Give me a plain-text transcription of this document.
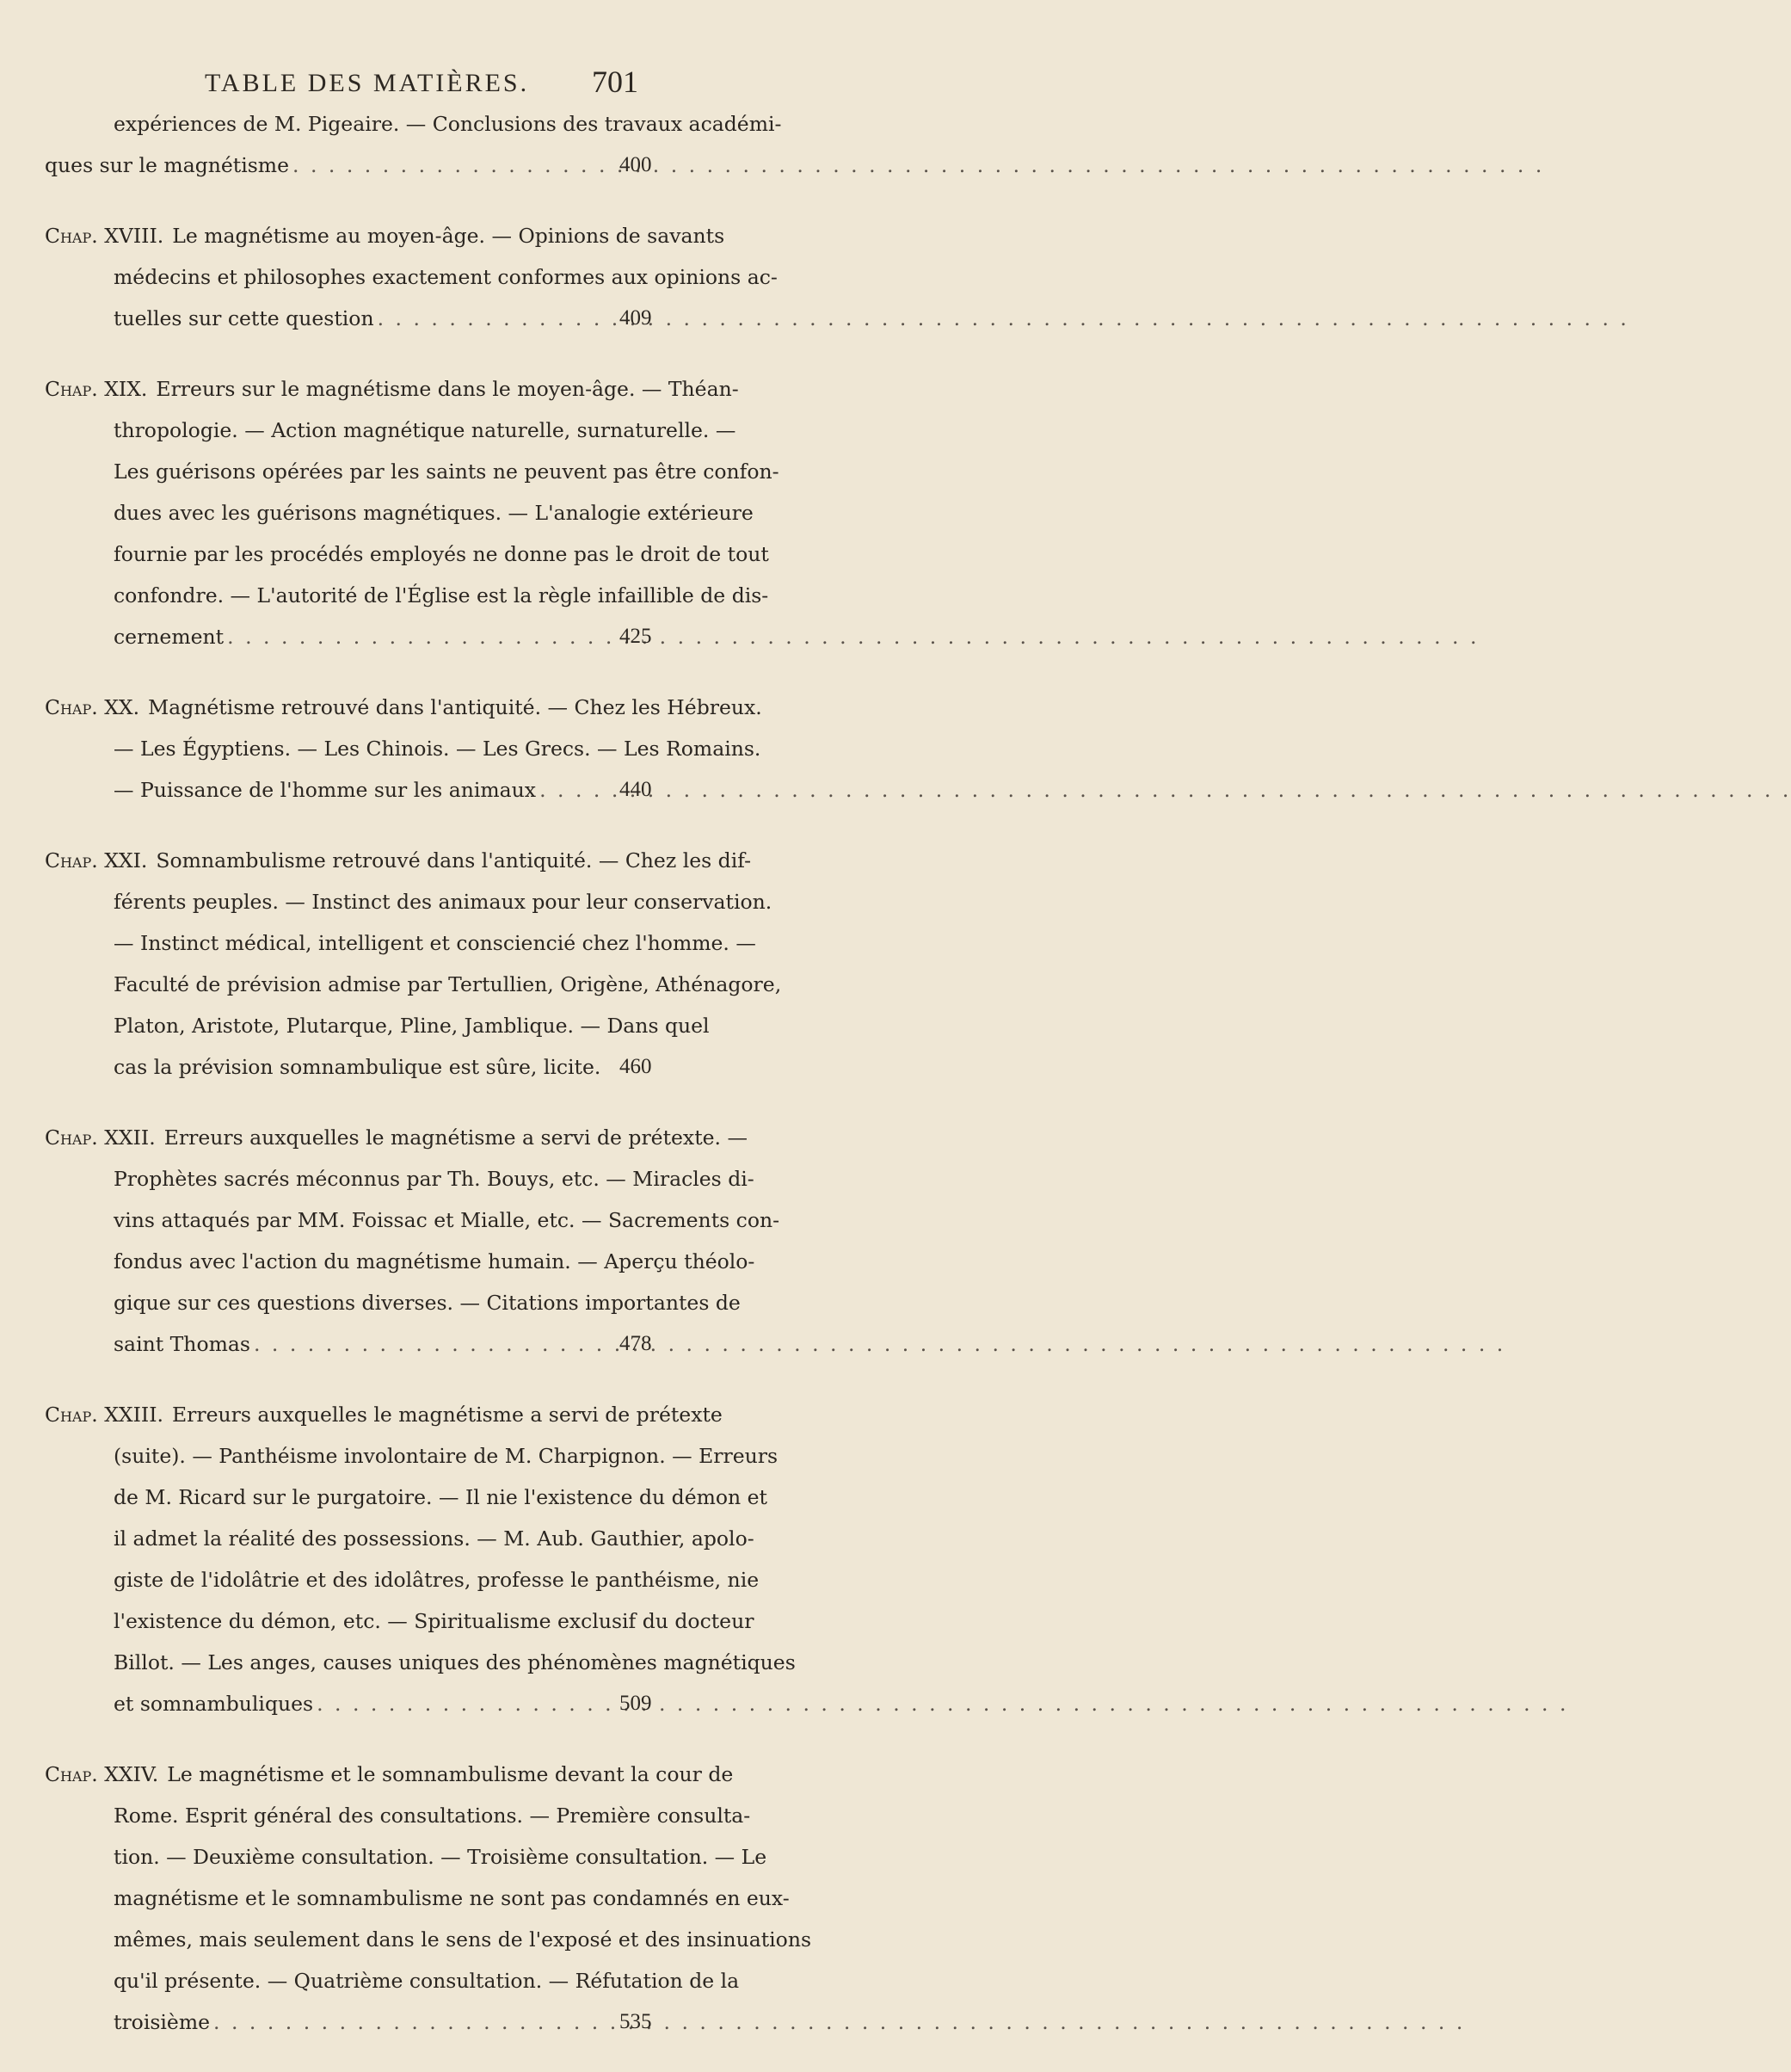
TABLE DES MATIÈRES. 701
expériences de M. Pigeaire. — Conclusions des travaux académi-
ques sur le magnétisme . . .	400
Chap. XVIII. Le magnétisme au moyen-âge. — Opinions de savants
médecins et philosophes exactement conformes aux opinions ac-
tuelles sur cette question . . .	409
Chap. XIX. Erreurs sur le magnétisme dans le moyen-âge. — Théan-
thropologie. — Action magnétique naturelle, surnaturelle. —
Les guérisons opérées par les saints ne peuvent pas être confon-
dues avec les guérisons magnétiques. — L'analogie extérieure
fournie par les procédés employés ne donne pas le droit de tout
confondre. — L'autorité de l'Église est la règle infaillible de dis-
cernement . . .	425
Chap. XX. Magnétisme retrouvé dans l'antiquité. — Chez les Hébreux.
— Les Égyptiens. — Les Chinois. — Les Grecs. — Les Romains.
— Puissance de l'homme sur les animaux . . .	440
Chap. XXI. Somnambulisme retrouvé dans l'antiquité. — Chez les dif-
férents peuples. — Instinct des animaux pour leur conservation.
— Instinct médical, intelligent et consciencié chez l'homme. —
Faculté de prévision admise par Tertullien, Origène, Athénagore,
Platon, Aristote, Plutarque, Pline, Jamblique. — Dans quel
cas la prévision somnambulique est sûre, licite. 460
Chap. XXII. Erreurs auxquelles le magnétisme a servi de prétexte. —
Prophètes sacrés méconnus par Th. Bouys, etc. — Miracles di-
vins attaqués par MM. Foissac et Mialle, etc. — Sacrements con-
fondus avec l'action du magnétisme humain. — Aperçu théolo-
gique sur ces questions diverses. — Citations importantes de
saint Thomas . . .	478
Chap. XXIII. Erreurs auxquelles le magnétisme a servi de prétexte
(suite). — Panthéisme involontaire de M. Charpignon. — Erreurs
de M. Ricard sur le purgatoire. — Il nie l'existence du démon et
il admet la réalité des possessions. — M. Aub. Gauthier, apolo-
giste de l'idolâtrie et des idolâtres, professe le panthéisme, nie
l'existence du démon, etc. — Spiritualisme exclusif du docteur
Billot. — Les anges, causes uniques des phénomènes magnétiques
et somnambuliques . . .	509
Chap. XXIV. Le magnétisme et le somnambulisme devant la cour de
Rome. Esprit général des consultations. — Première consulta-
tion. — Deuxième consultation. — Troisième consultation. — Le
magnétisme et le somnambulisme ne sont pas condamnés en eux-
mêmes, mais seulement dans le sens de l'exposé et des insinuations
qu'il présente. — Quatrième consultation. — Réfutation de la
troisième . . .	535
